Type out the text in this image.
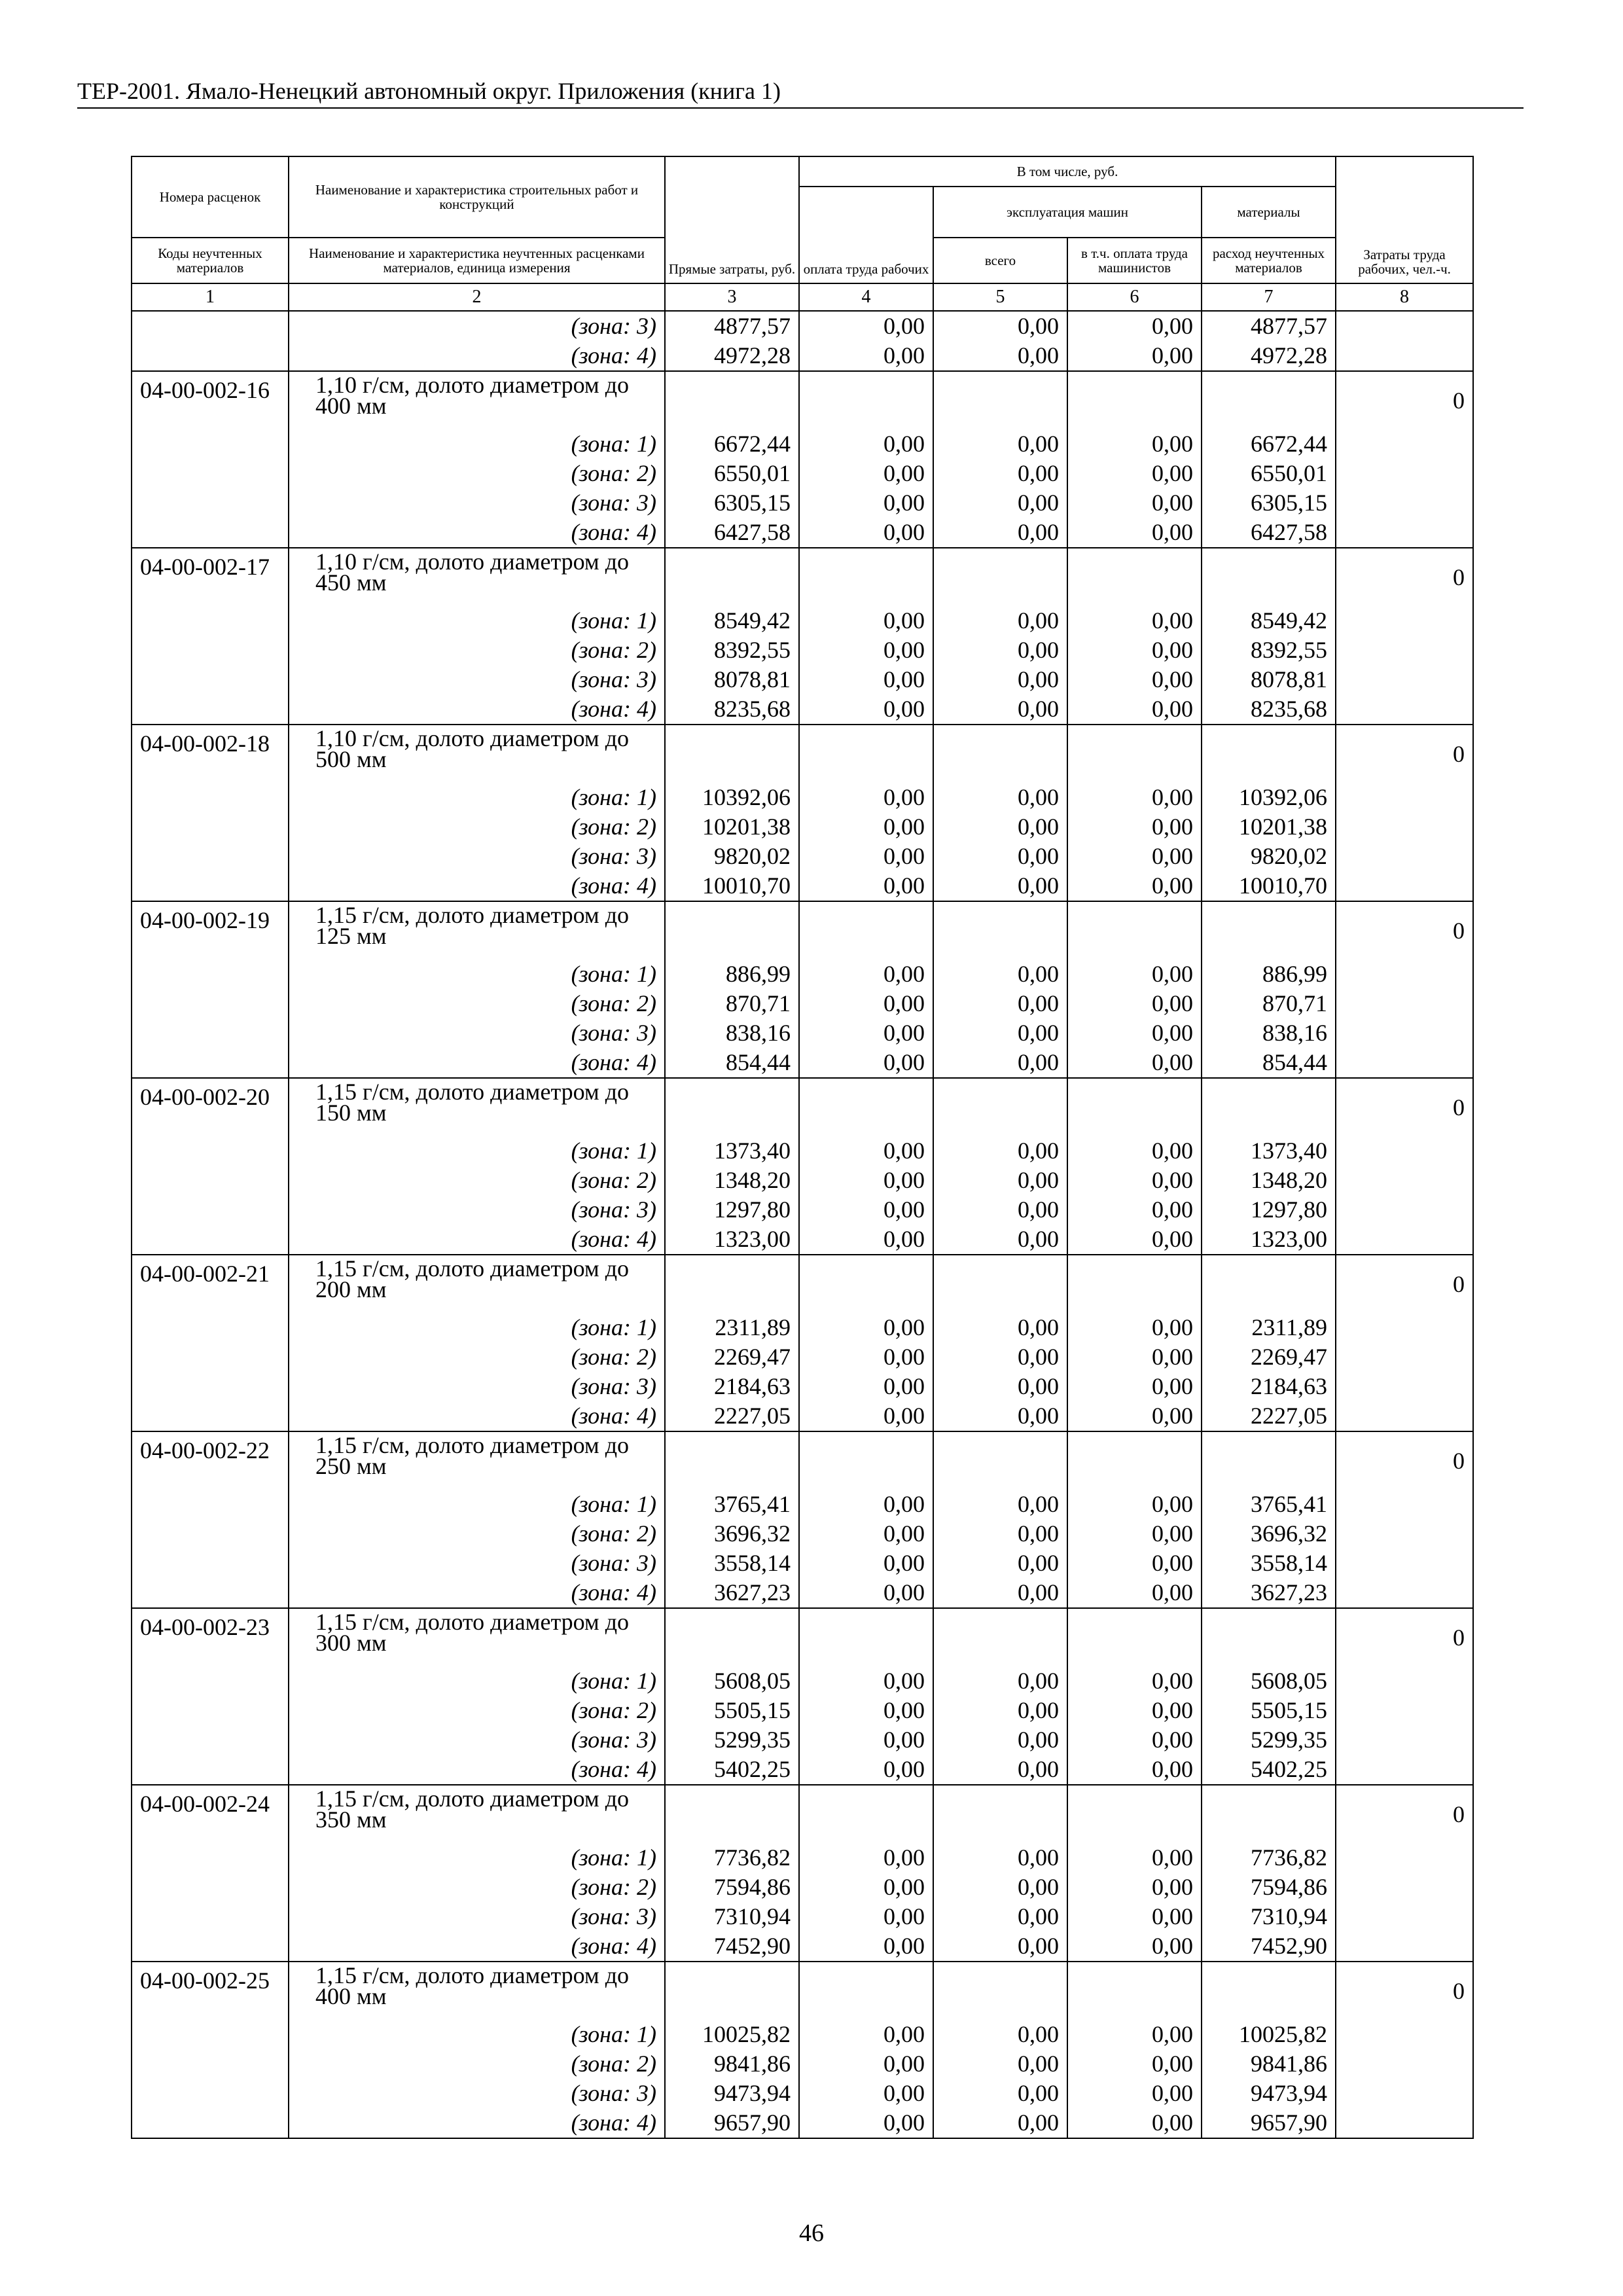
ТЕР-2001. Ямало-Ненецкий автономный округ. Приложения (книга 1)
Номера расценок	Наименование и характеристика строительных работ и конструкций	Прямые затраты, руб.	В том числе, руб.				Затраты труда рабочих, чел.-ч.
			оплата труда рабочих	эксплуатация машин		материалы	
Коды неучтенных материалов	Наименование и характеристика неучтенных расценками материалов, единица измерения			всего	в т.ч. оплата труда машинистов	расход неучтенных материалов	
1	2	3	4	5	6	7	8
	(зона: 3)	4877,57	0,00	0,00	0,00	4877,57	
	(зона: 4)	4972,28	0,00	0,00	0,00	4972,28	
04-00-002-16	1,10 г/см, долото диаметром до 400 мм						0
	(зона: 1)	6672,44	0,00	0,00	0,00	6672,44	
	(зона: 2)	6550,01	0,00	0,00	0,00	6550,01	
	(зона: 3)	6305,15	0,00	0,00	0,00	6305,15	
	(зона: 4)	6427,58	0,00	0,00	0,00	6427,58	
04-00-002-17	1,10 г/см, долото диаметром до 450 мм						0
	(зона: 1)	8549,42	0,00	0,00	0,00	8549,42	
	(зона: 2)	8392,55	0,00	0,00	0,00	8392,55	
	(зона: 3)	8078,81	0,00	0,00	0,00	8078,81	
	(зона: 4)	8235,68	0,00	0,00	0,00	8235,68	
04-00-002-18	1,10 г/см, долото диаметром до 500 мм						0
	(зона: 1)	10392,06	0,00	0,00	0,00	10392,06	
	(зона: 2)	10201,38	0,00	0,00	0,00	10201,38	
	(зона: 3)	9820,02	0,00	0,00	0,00	9820,02	
	(зона: 4)	10010,70	0,00	0,00	0,00	10010,70	
04-00-002-19	1,15 г/см, долото диаметром до 125 мм						0
	(зона: 1)	886,99	0,00	0,00	0,00	886,99	
	(зона: 2)	870,71	0,00	0,00	0,00	870,71	
	(зона: 3)	838,16	0,00	0,00	0,00	838,16	
	(зона: 4)	854,44	0,00	0,00	0,00	854,44	
04-00-002-20	1,15 г/см, долото диаметром до 150 мм						0
	(зона: 1)	1373,40	0,00	0,00	0,00	1373,40	
	(зона: 2)	1348,20	0,00	0,00	0,00	1348,20	
	(зона: 3)	1297,80	0,00	0,00	0,00	1297,80	
	(зона: 4)	1323,00	0,00	0,00	0,00	1323,00	
04-00-002-21	1,15 г/см, долото диаметром до 200 мм						0
	(зона: 1)	2311,89	0,00	0,00	0,00	2311,89	
	(зона: 2)	2269,47	0,00	0,00	0,00	2269,47	
	(зона: 3)	2184,63	0,00	0,00	0,00	2184,63	
	(зона: 4)	2227,05	0,00	0,00	0,00	2227,05	
04-00-002-22	1,15 г/см, долото диаметром до 250 мм						0
	(зона: 1)	3765,41	0,00	0,00	0,00	3765,41	
	(зона: 2)	3696,32	0,00	0,00	0,00	3696,32	
	(зона: 3)	3558,14	0,00	0,00	0,00	3558,14	
	(зона: 4)	3627,23	0,00	0,00	0,00	3627,23	
04-00-002-23	1,15 г/см, долото диаметром до 300 мм						0
	(зона: 1)	5608,05	0,00	0,00	0,00	5608,05	
	(зона: 2)	5505,15	0,00	0,00	0,00	5505,15	
	(зона: 3)	5299,35	0,00	0,00	0,00	5299,35	
	(зона: 4)	5402,25	0,00	0,00	0,00	5402,25	
04-00-002-24	1,15 г/см, долото диаметром до 350 мм						0
	(зона: 1)	7736,82	0,00	0,00	0,00	7736,82	
	(зона: 2)	7594,86	0,00	0,00	0,00	7594,86	
	(зона: 3)	7310,94	0,00	0,00	0,00	7310,94	
	(зона: 4)	7452,90	0,00	0,00	0,00	7452,90	
04-00-002-25	1,15 г/см, долото диаметром до 400 мм						0
	(зона: 1)	10025,82	0,00	0,00	0,00	10025,82	
	(зона: 2)	9841,86	0,00	0,00	0,00	9841,86	
	(зона: 3)	9473,94	0,00	0,00	0,00	9473,94	
	(зона: 4)	9657,90	0,00	0,00	0,00	9657,90	
46
